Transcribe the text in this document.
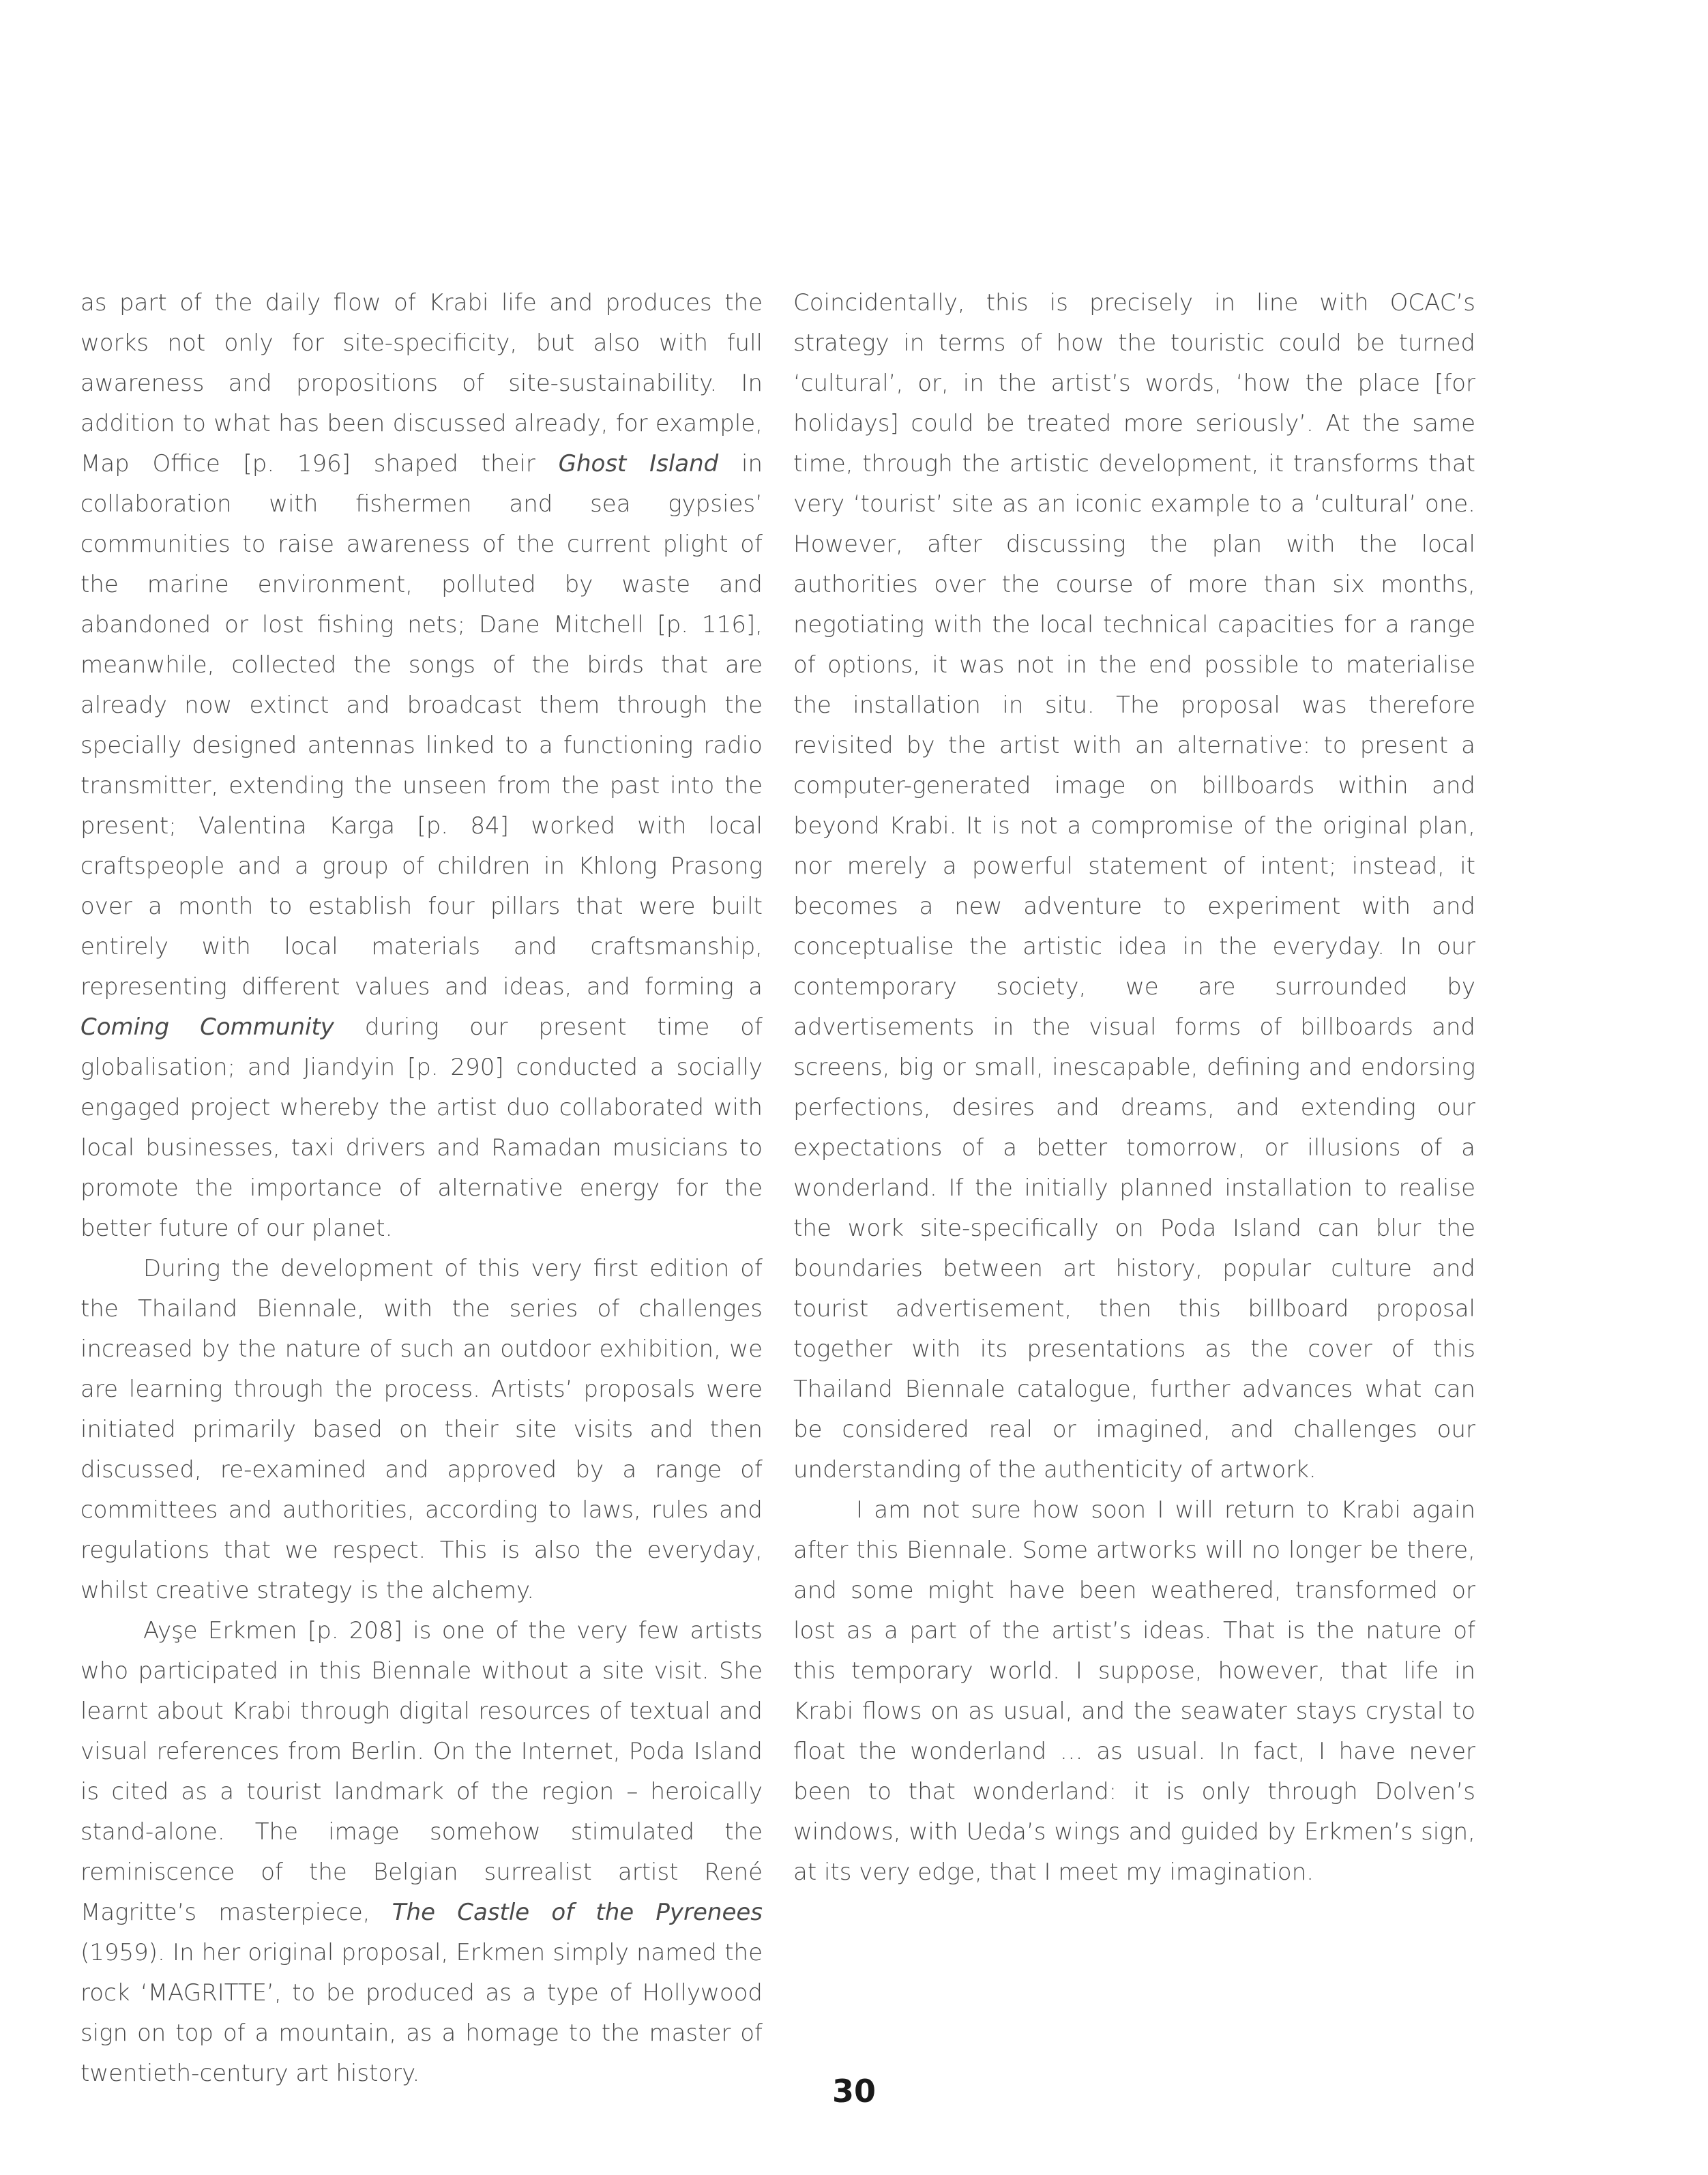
as part of the daily flow of Krabi life and produces the works not only for site-specificity, but also with full awareness and propositions of site-sustainability. In addition to what has been discussed already, for example, Map Office [p. 196] shaped their Ghost Island in collaboration with fishermen and sea gypsies’ communities to raise awareness of the current plight of the marine environment, polluted by waste and abandoned or lost fishing nets; Dane Mitchell [p. 116], meanwhile, collected the songs of the birds that are already now extinct and broadcast them through the specially designed antennas linked to a functioning radio transmitter, extending the unseen from the past into the present; Valentina Karga [p. 84] worked with local craftspeople and a group of children in Khlong Prasong over a month to establish four pillars that were built entirely with local materials and craftsmanship, representing different values and ideas, and forming a Coming Community during our present time of globalisation; and Jiandyin [p. 290] conducted a socially engaged project whereby the artist duo collaborated with local businesses, taxi drivers and Ramadan musicians to promote the importance of alternative energy for the better future of our planet.

During the development of this very first edition of the Thailand Biennale, with the series of challenges increased by the nature of such an outdoor exhibition, we are learning through the process. Artists’ proposals were initiated primarily based on their site visits and then discussed, re-examined and approved by a range of committees and authorities, according to laws, rules and regulations that we respect. This is also the everyday, whilst creative strategy is the alchemy.

Ayşe Erkmen [p. 208] is one of the very few artists who participated in this Biennale without a site visit. She learnt about Krabi through digital resources of textual and visual references from Berlin. On the Internet, Poda Island is cited as a tourist landmark of the region – heroically stand-alone. The image somehow stimulated the reminiscence of the Belgian surrealist artist René Magritte’s masterpiece, The Castle of the Pyrenees (1959). In her original proposal, Erkmen simply named the rock ‘MAGRITTE’, to be produced as a type of Hollywood sign on top of a mountain, as a homage to the master of twentieth-century art history.

Coincidentally, this is precisely in line with OCAC’s strategy in terms of how the touristic could be turned ‘cultural’, or, in the artist’s words, ‘how the place [for holidays] could be treated more seriously’. At the same time, through the artistic development, it transforms that very ‘tourist’ site as an iconic example to a ‘cultural’ one. However, after discussing the plan with the local authorities over the course of more than six months, negotiating with the local technical capacities for a range of options, it was not in the end possible to materialise the installation in situ. The proposal was therefore revisited by the artist with an alternative: to present a computer-generated image on billboards within and beyond Krabi. It is not a compromise of the original plan, nor merely a powerful statement of intent; instead, it becomes a new adventure to experiment with and conceptualise the artistic idea in the everyday. In our contemporary society, we are surrounded by advertisements in the visual forms of billboards and screens, big or small, inescapable, defining and endorsing perfections, desires and dreams, and extending our expectations of a better tomorrow, or illusions of a wonderland. If the initially planned installation to realise the work site-specifically on Poda Island can blur the boundaries between art history, popular culture and tourist advertisement, then this billboard proposal together with its presentations as the cover of this Thailand Biennale catalogue, further advances what can be considered real or imagined, and challenges our understanding of the authenticity of artwork.

I am not sure how soon I will return to Krabi again after this Biennale. Some artworks will no longer be there, and some might have been weathered, transformed or lost as a part of the artist’s ideas. That is the nature of this temporary world. I suppose, however, that life in Krabi flows on as usual, and the seawater stays crystal to float the wonderland … as usual. In fact, I have never been to that wonderland: it is only through Dolven’s windows, with Ueda’s wings and guided by Erkmen’s sign, at its very edge, that I meet my imagination.

30
